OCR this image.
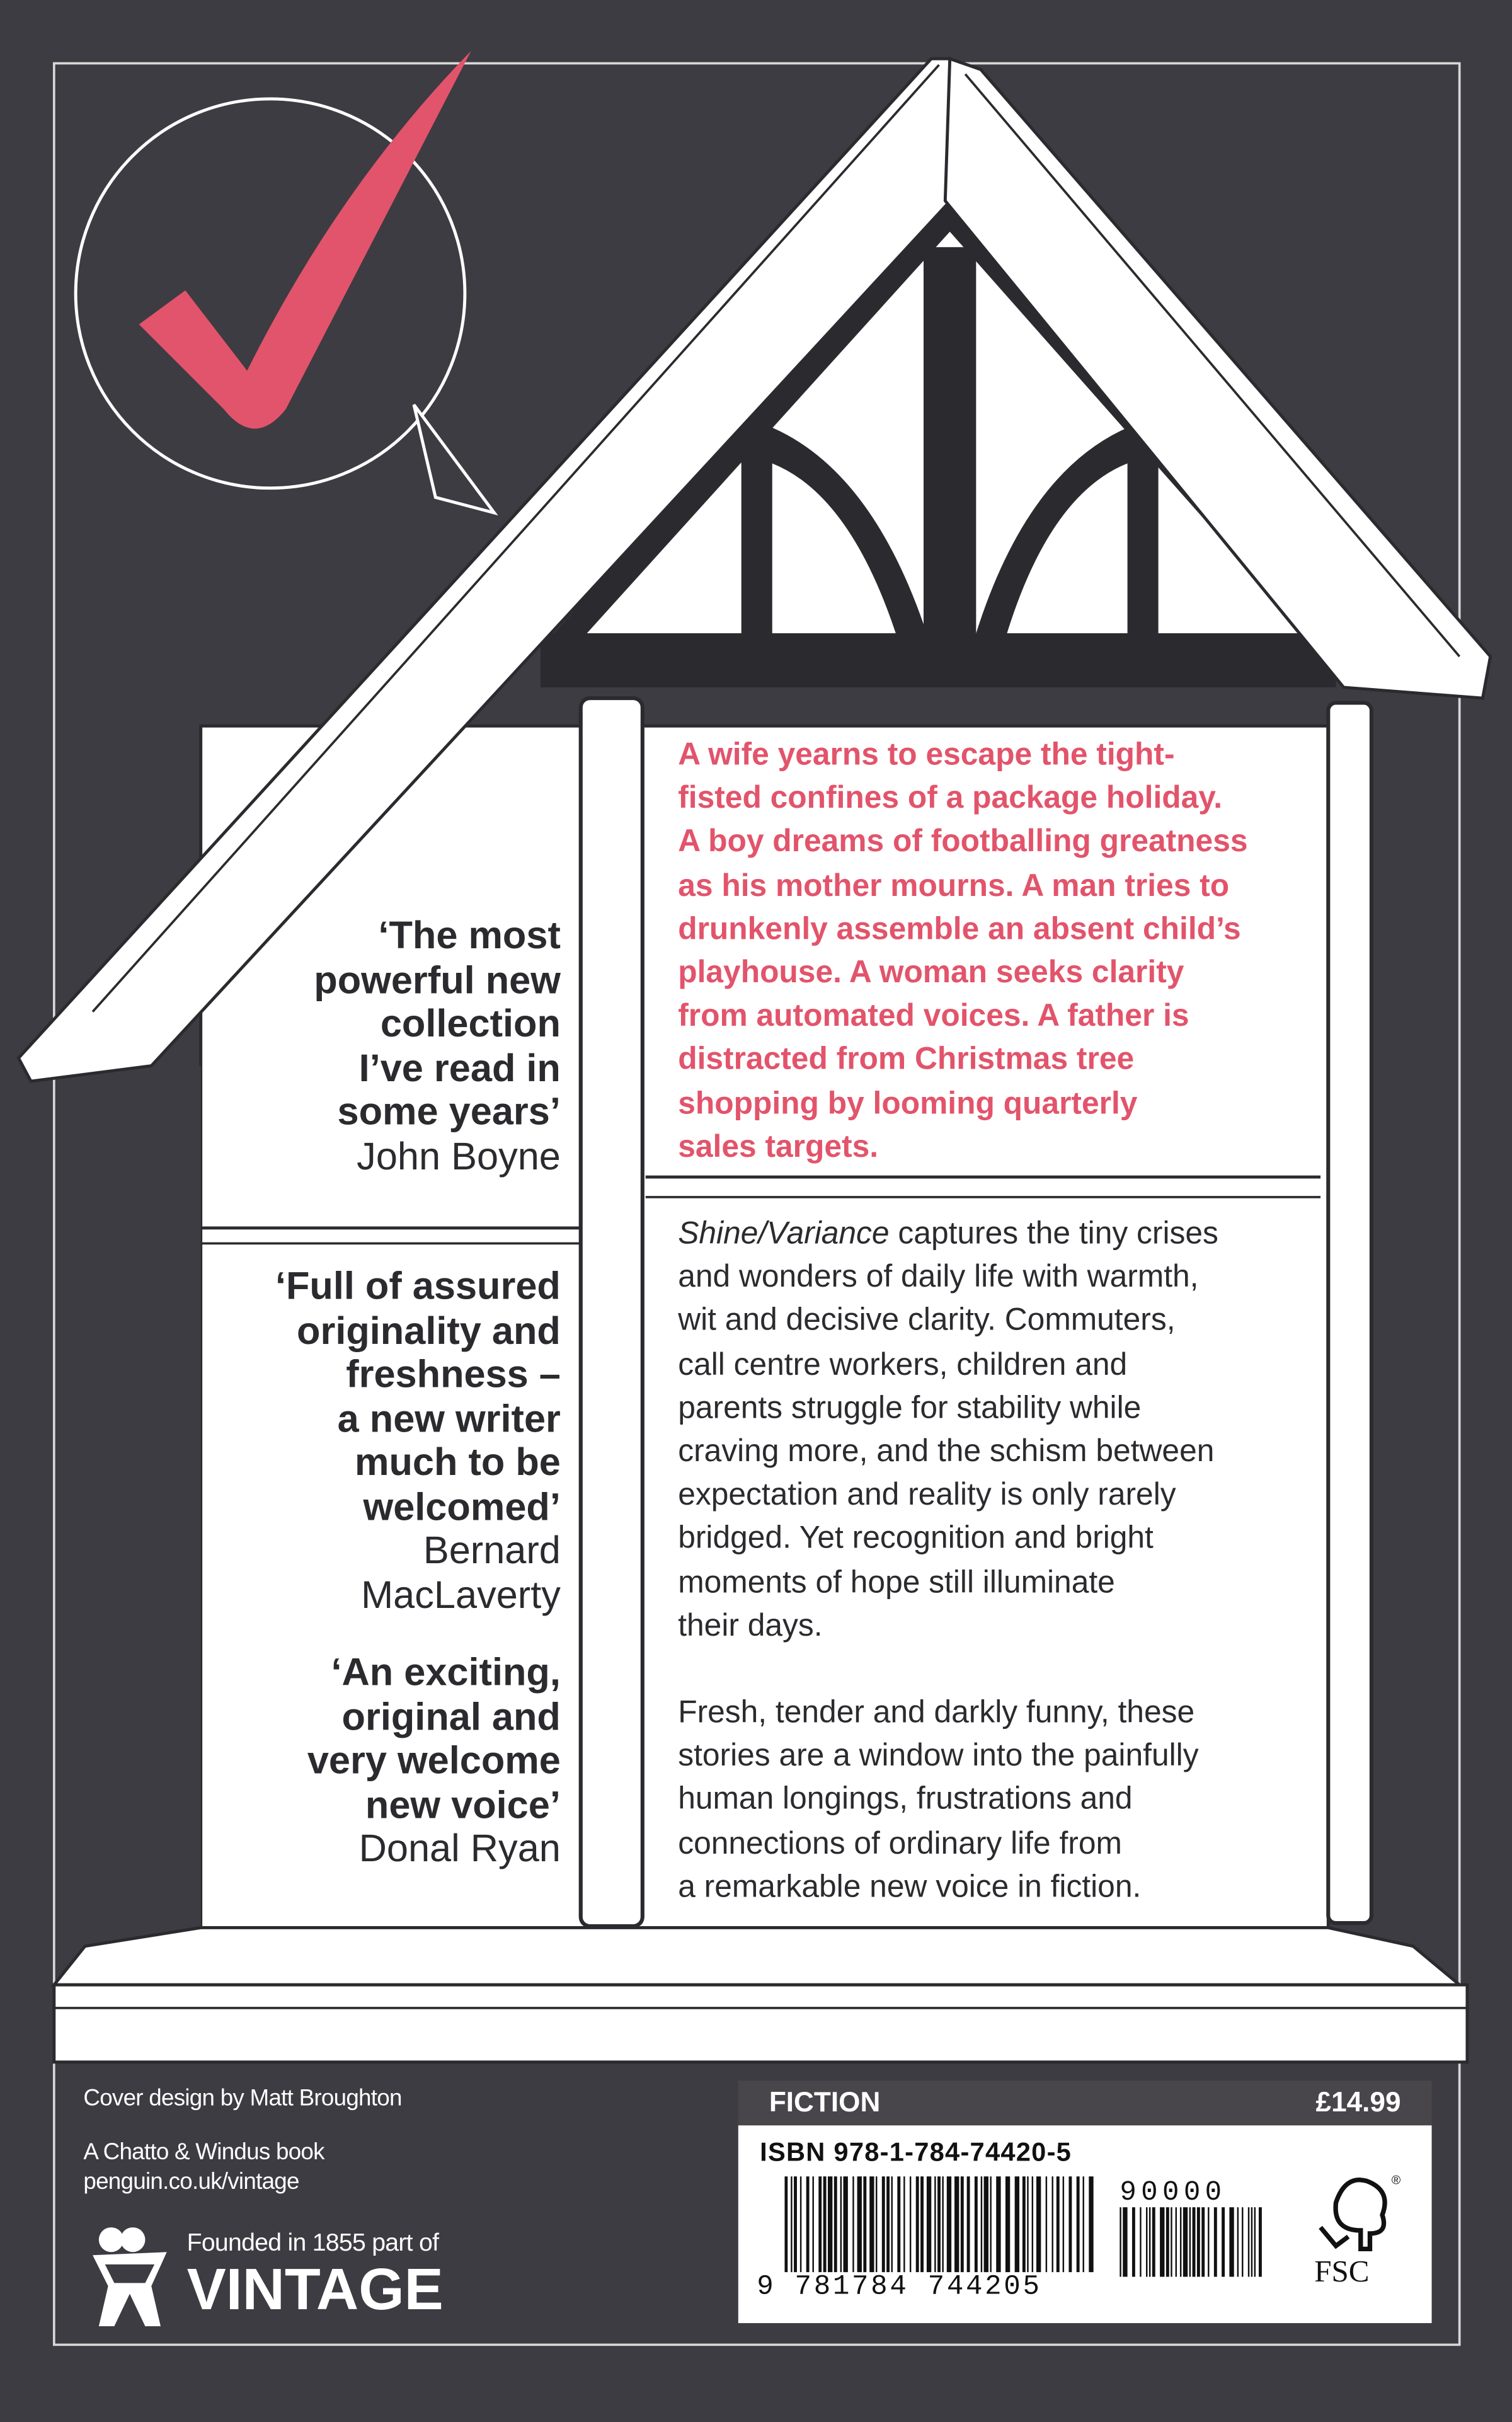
‘The most
powerful new
collection
I’ve read in
some years’
John Boyne
‘Full of assured
originality and
freshness –
a new writer
much to be
welcomed’
Bernard
MacLaverty
‘An exciting,
original and
very welcome
new voice’
Donal Ryan
A wife yearns to escape the tight-
fisted confines of a package holiday.
A boy dreams of footballing greatness
as his mother mourns. A man tries to
drunkenly assemble an absent child’s
playhouse. A woman seeks clarity
from automated voices. A father is
distracted from Christmas tree
shopping by looming quarterly
sales targets.

Shine/Variance captures the tiny crises
and wonders of daily life with warmth,
wit and decisive clarity. Commuters,
call centre workers, children and
parents struggle for stability while
craving more, and the schism between
expectation and reality is only rarely
bridged. Yet recognition and bright
moments of hope still illuminate
their days.

Fresh, tender and darkly funny, these
stories are a window into the painfully
human longings, frustrations and
connections of ordinary life from
a remarkable new voice in fiction.

Cover design by Matt Broughton
A Chatto & Windus book
penguin.co.uk/vintage
Founded in 1855 part of
VINTAGE
FICTION	£14.99
ISBN 978-1-784-74420-5
9 781784 744205
90000	®
FSC
